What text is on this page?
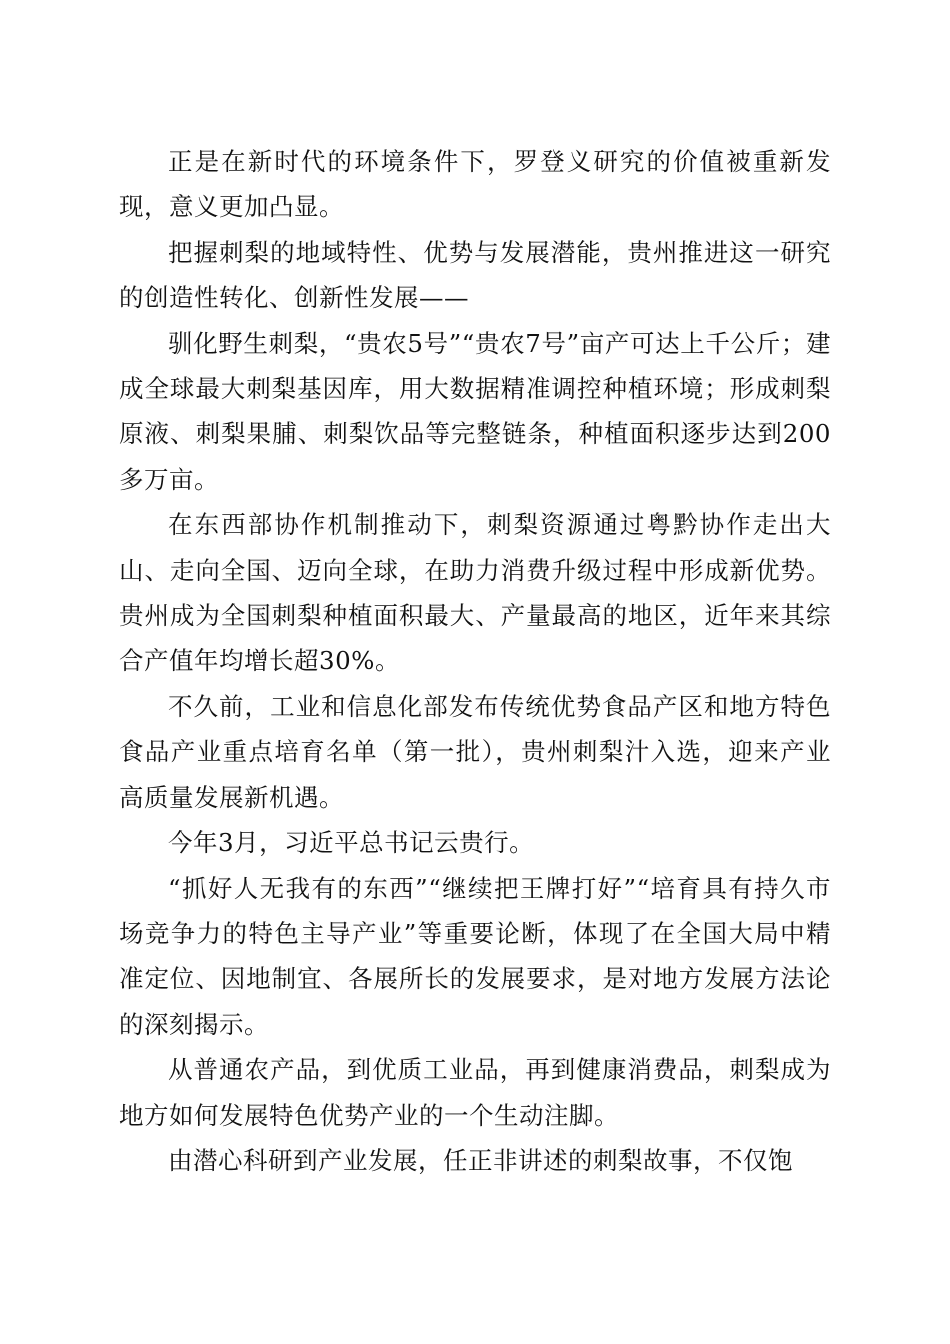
正是在新时代的环境条件下，罗登义研究的价值被重新发现，意义更加凸显。

把握刺梨的地域特性、优势与发展潜能，贵州推进这一研究的创造性转化、创新性发展——

驯化野生刺梨，“贵农5号”“贵农7号”亩产可达上千公斤；建成全球最大刺梨基因库，用大数据精准调控种植环境；形成刺梨原液、刺梨果脯、刺梨饮品等完整链条，种植面积逐步达到200多万亩。

在东西部协作机制推动下，刺梨资源通过粤黔协作走出大山、走向全国、迈向全球，在助力消费升级过程中形成新优势。贵州成为全国刺梨种植面积最大、产量最高的地区，近年来其综合产值年均增长超30%。

不久前，工业和信息化部发布传统优势食品产区和地方特色食品产业重点培育名单（第一批），贵州刺梨汁入选，迎来产业高质量发展新机遇。

今年3月，习近平总书记云贵行。

“抓好人无我有的东西”“继续把王牌打好”“培育具有持久市场竞争力的特色主导产业”等重要论断，体现了在全国大局中精准定位、因地制宜、各展所长的发展要求，是对地方发展方法论的深刻揭示。

从普通农产品，到优质工业品，再到健康消费品，刺梨成为地方如何发展特色优势产业的一个生动注脚。

由潜心科研到产业发展，任正非讲述的刺梨故事，不仅饱
